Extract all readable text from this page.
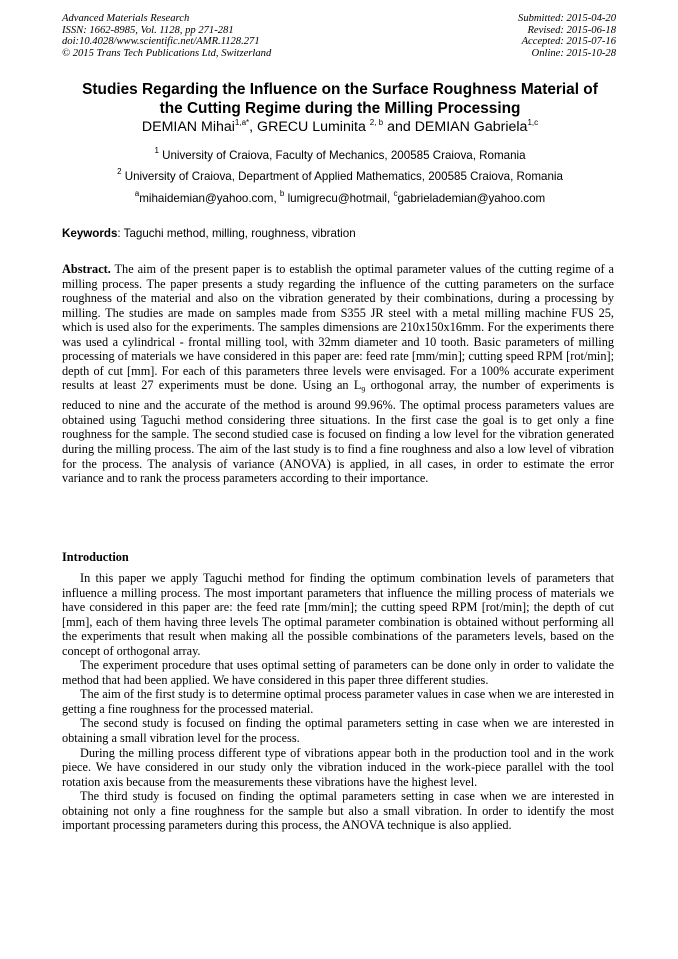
Advanced Materials Research
ISSN: 1662-8985, Vol. 1128, pp 271-281
doi:10.4028/www.scientific.net/AMR.1128.271
© 2015 Trans Tech Publications Ltd, Switzerland
Submitted: 2015-04-20
Revised: 2015-06-18
Accepted: 2015-07-16
Online: 2015-10-28
Studies Regarding the Influence on the Surface Roughness Material of
the Cutting Regime during the Milling Processing
DEMIAN Mihai$^{1,a*}$, GRECU Luminita $^{2, b}$ and DEMIAN Gabriela$^{1,c}$
$^1$ University of Craiova, Faculty of Mechanics, 200585 Craiova, Romania
$^2$ University of Craiova, Department of Applied Mathematics, 200585 Craiova, Romania
$^a$mihaidemian@yahoo.com, $^b$ lumigrecu@hotmail, $^c$gabrielademian@yahoo.com
Keywords: Taguchi method, milling, roughness, vibration
Abstract. The aim of the present paper is to establish the optimal parameter values of the cutting regime of a milling process. The paper presents a study regarding the influence of the cutting parameters on the surface roughness of the material and also on the vibration generated by their combinations, during a processing by milling. The studies are made on samples made from S355 JR steel with a metal milling machine FUS 25, which is used also for the experiments. The samples dimensions are 210x150x16mm. For the experiments there was used a cylindrical - frontal milling tool, with 32mm diameter and 10 tooth. Basic parameters of milling processing of materials we have considered in this paper are: feed rate [mm/min]; cutting speed RPM [rot/min]; depth of cut [mm]. For each of this parameters three levels were envisaged. For a 100% accurate experiment results at least 27 experiments must be done. Using an $L_9$ orthogonal array, the number of experiments is reduced to nine and the accurate of the method is around 99.96%. The optimal process parameters values are obtained using Taguchi method considering three situations. In the first case the goal is to get only a fine roughness for the sample. The second studied case is focused on finding a low level for the vibration generated during the milling process. The aim of the last study is to find a fine roughness and also a low level of vibration for the process. The analysis of variance (ANOVA) is applied, in all cases, in order to estimate the error variance and to rank the process parameters according to their importance.
Introduction

In this paper we apply Taguchi method for finding the optimum combination levels of parameters that influence a milling process. The most important parameters that influence the milling process of materials we have considered in this paper are: the feed rate [mm/min]; the cutting speed RPM [rot/min]; the depth of cut [mm], each of them having three levels The optimal parameter combination is obtained without performing all the experiments that result when making all the possible combinations of the parameters levels, based on the concept of orthogonal array.

The experiment procedure that uses optimal setting of parameters can be done only in order to validate the method that had been applied. We have considered in this paper three different studies.

The aim of the first study is to determine optimal process parameter values in case when we are interested in getting a fine roughness for the processed material.

The second study is focused on finding the optimal parameters setting in case when we are interested in obtaining a small vibration level for the process.

During the milling process different type of vibrations appear both in the production tool and in the work piece. We have considered in our study only the vibration induced in the work-piece parallel with the tool rotation axis because from the measurements these vibrations have the highest level.

The third study is focused on finding the optimal parameters setting in case when we are interested in obtaining not only a fine roughness for the sample but also a small vibration. In order to identify the most important processing parameters during this process, the ANOVA technique is also applied.
